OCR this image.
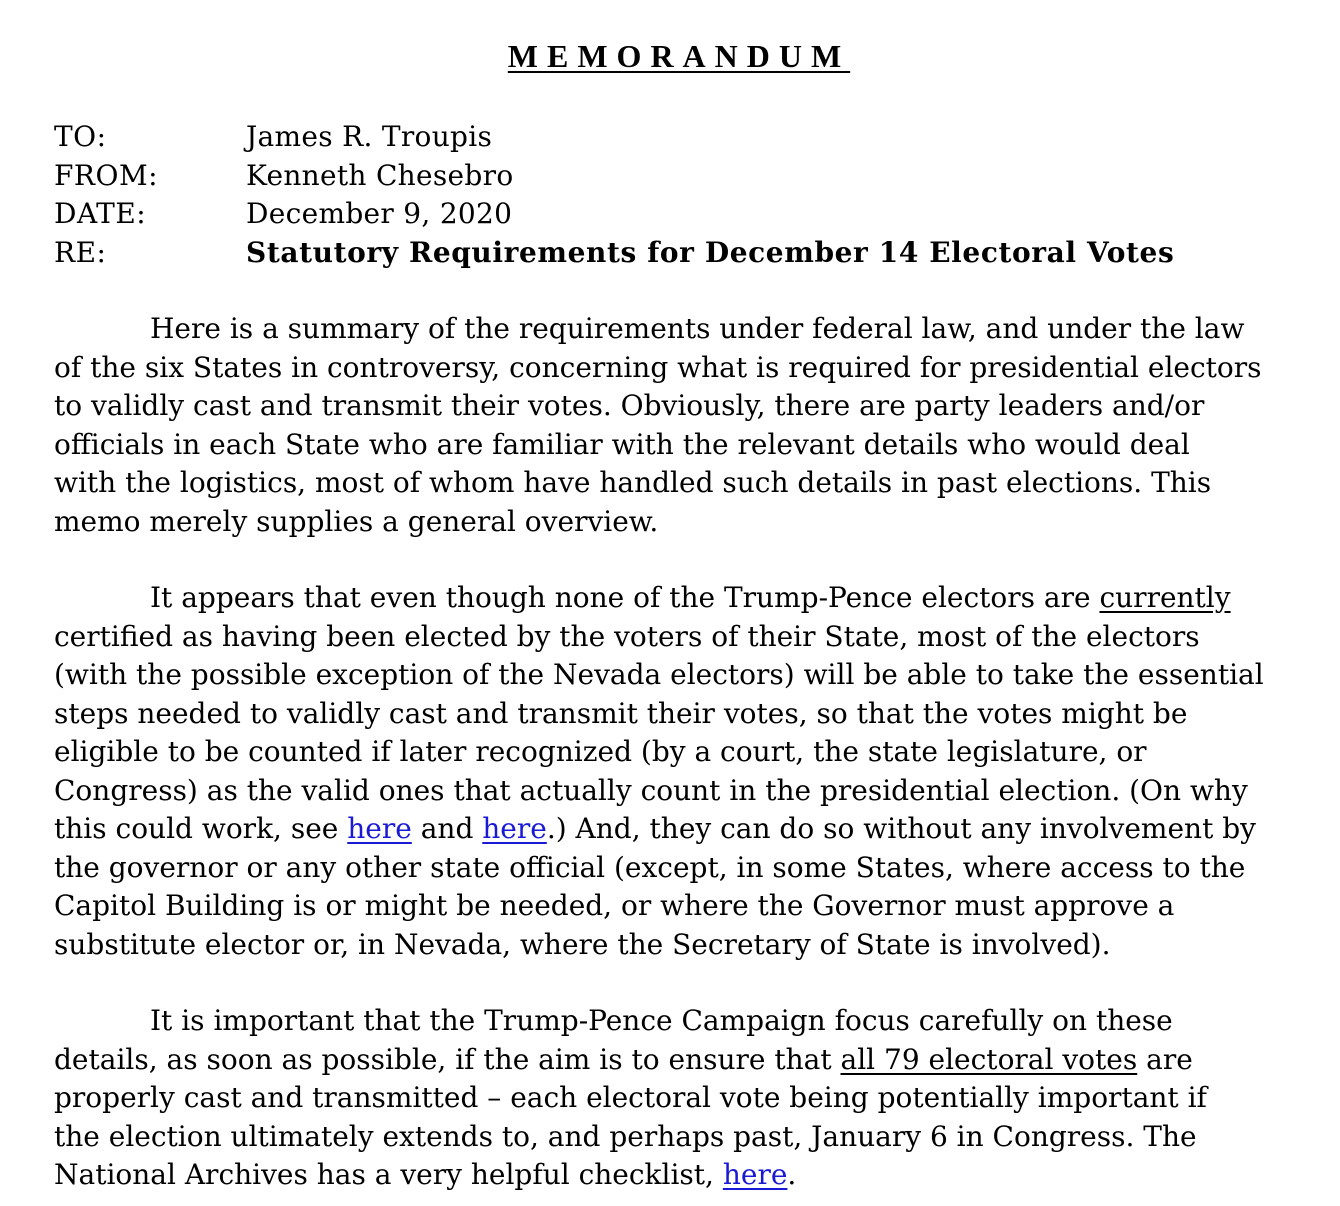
MEMORANDUM
TO:	James R. Troupis
FROM:	Kenneth Chesebro
DATE:	December 9, 2020
RE:	Statutory Requirements for December 14 Electoral Votes
Here is a summary of the requirements under federal law, and under the law
of the six States in controversy, concerning what is required for presidential electors
to validly cast and transmit their votes. Obviously, there are party leaders and/or
officials in each State who are familiar with the relevant details who would deal
with the logistics, most of whom have handled such details in past elections. This
memo merely supplies a general overview.
It appears that even though none of the Trump-Pence electors are currently
certified as having been elected by the voters of their State, most of the electors
(with the possible exception of the Nevada electors) will be able to take the essential
steps needed to validly cast and transmit their votes, so that the votes might be
eligible to be counted if later recognized (by a court, the state legislature, or
Congress) as the valid ones that actually count in the presidential election. (On why
this could work, see here and here.) And, they can do so without any involvement by
the governor or any other state official (except, in some States, where access to the
Capitol Building is or might be needed, or where the Governor must approve a
substitute elector or, in Nevada, where the Secretary of State is involved).
It is important that the Trump-Pence Campaign focus carefully on these
details, as soon as possible, if the aim is to ensure that all 79 electoral votes are
properly cast and transmitted – each electoral vote being potentially important if
the election ultimately extends to, and perhaps past, January 6 in Congress. The
National Archives has a very helpful checklist, here.
